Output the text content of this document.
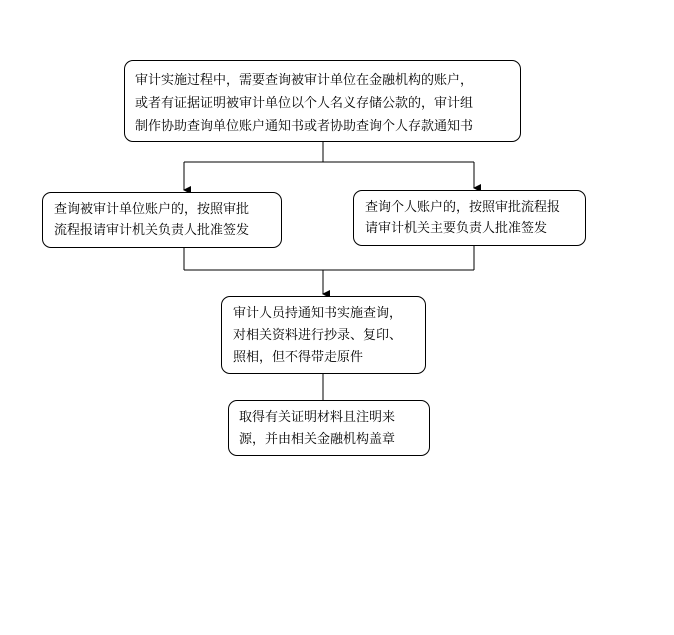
审计实施过程中，需要查询被审计单位在金融机构的账户，
或者有证据证明被审计单位以个人名义存储公款的，审计组
制作协助查询单位账户通知书或者协助查询个人存款通知书
查询被审计单位账户的，按照审批
流程报请审计机关负责人批准签发
查询个人账户的，按照审批流程报
请审计机关主要负责人批准签发
审计人员持通知书实施查询，
对相关资料进行抄录、复印、
照相，但不得带走原件
取得有关证明材料且注明来
源，并由相关金融机构盖章
